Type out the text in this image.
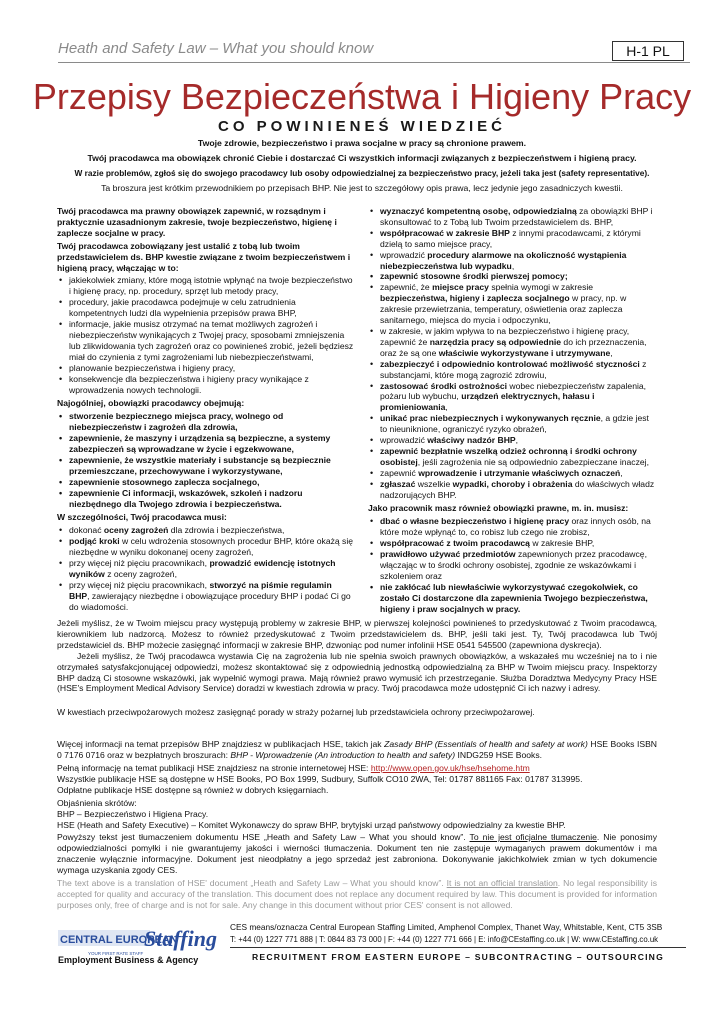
Heath and Safety Law – What you should know	H-1 PL
Przepisy Bezpieczeństwa i Higieny Pracy
CO POWINIENEŚ WIEDZIEĆ
Twoje zdrowie, bezpieczeństwo i prawa socjalne w pracy są chronione prawem.
Twój pracodawca ma obowiązek chronić Ciebie i dostarczać Ci wszystkich informacji związanych z bezpieczeństwem i higieną pracy.
W razie problemów, zgłoś się do swojego pracodawcy lub osoby odpowiedzialnej za bezpieczeństwo pracy, jeżeli taka jest (safety representative).
Ta broszura jest krótkim przewodnikiem po przepisach BHP. Nie jest to szczegółowy opis prawa, lecz jedynie jego zasadniczych kwestii.

Twój pracodawca ma prawny obowiązek zapewnić, w rozsądnym i praktycznie uzasadnionym zakresie, twoje bezpieczeństwo, higienę i zaplecze socjalne w pracy.

Twój pracodawca zobowiązany jest ustalić z tobą lub twoim przedstawicielem ds. BHP kwestie związane z twoim bezpieczeństwem i higieną pracy, włączając w to:

• jakiekolwiek zmiany, które mogą istotnie wpłynąć na twoje bezpieczeństwo i higienę pracy, np. procedury, sprzęt lub metody pracy,
• procedury, jakie pracodawca podejmuje w celu zatrudnienia kompetentnych ludzi dla wypełnienia przepisów prawa BHP,
• informacje, jakie musisz otrzymać na temat możliwych zagrożeń i niebezpieczeństw wynikających z Twojej pracy, sposobami zmniejszenia lub zlikwidowania tych zagrożeń oraz co powinieneś zrobić, jeżeli będziesz miał do czynienia z tymi zagrożeniami lub niebezpieczeństwami,
• planowanie bezpieczeństwa i higieny pracy,
• konsekwencje dla bezpieczeństwa i higieny pracy wynikające z wprowadzenia nowych technologii.

Najogólniej, obowiązki pracodawcy obejmują:

• stworzenie bezpiecznego miejsca pracy, wolnego od niebezpieczeństw i zagrożeń dla zdrowia,
• zapewnienie, że maszyny i urządzenia są bezpieczne, a systemy zabezpieczeń są wprowadzane w życie i egzekwowane,
• zapewnienie, że wszystkie materiały i substancje są bezpiecznie przemieszczane, przechowywane i wykorzystywane,
• zapewnienie stosownego zaplecza socjalnego,
• zapewnienie Ci informacji, wskazówek, szkoleń i nadzoru niezbędnego dla Twojego zdrowia i bezpieczeństwa.

W szczególności, Twój pracodawca musi:

• dokonać oceny zagrożeń dla zdrowia i bezpieczeństwa,
• podjąć kroki w celu wdrożenia stosownych procedur BHP, które okażą się niezbędne w wyniku dokonanej oceny zagrożeń,
• przy więcej niż pięciu pracownikach, prowadzić ewidencję istotnych wyników z oceny zagrożeń,
• przy więcej niż pięciu pracownikach, stworzyć na piśmie regulamin BHP, zawierający niezbędne i obowiązujące procedury BHP i podać Ci go do wiadomości.
• wyznaczyć kompetentną osobę, odpowiedzialną za obowiązki BHP i skonsultować to z Tobą lub Twoim przedstawicielem ds. BHP,
• współpracować w zakresie BHP z innymi pracodawcami, z którymi dzielą to samo miejsce pracy,
• wprowadzić procedury alarmowe na okoliczność wystąpienia niebezpieczeństwa lub wypadku,
• zapewnić stosowne środki pierwszej pomocy;
• zapewnić, że miejsce pracy spełnia wymogi w zakresie bezpieczeństwa, higieny i zaplecza socjalnego w pracy, np. w zakresie przewietrzania, temperatury, oświetlenia oraz zaplecza sanitarnego, miejsca do mycia i odpoczynku,
• w zakresie, w jakim wpływa to na bezpieczeństwo i higienę pracy, zapewnić że narzędzia pracy są odpowiednie do ich przeznaczenia, oraz że są one właściwie wykorzystywane i utrzymywane,
• zabezpieczyć i odpowiednio kontrolować możliwość styczności z substancjami, które mogą zagrozić zdrowiu,
• zastosować środki ostrożności wobec niebezpieczeństw zapalenia, pożaru lub wybuchu, urządzeń elektrycznych, hałasu i promieniowania,
• unikać prac niebezpiecznych i wykonywanych ręcznie, a gdzie jest to nieuniknione, ograniczyć ryzyko obrażeń,
• wprowadzić właściwy nadzór BHP,
• zapewnić bezpłatnie wszelką odzież ochronną i środki ochrony osobistej, jeśli zagrożenia nie są odpowiednio zabezpieczane inaczej,
• zapewnić wprowadzenie i utrzymanie właściwych oznaczeń,
• zgłaszać wszelkie wypadki, choroby i obrażenia do właściwych władz nadzorujących BHP.

Jako pracownik masz również obowiązki prawne, m. in. musisz:

• dbać o własne bezpieczeństwo i higienę pracy oraz innych osób, na które może wpłynąć to, co robisz lub czego nie zrobisz,
• współpracować z twoim pracodawcą w zakresie BHP,
• prawidłowo używać przedmiotów zapewnionych przez pracodawcę, włączając w to środki ochrony osobistej, zgodnie ze wskazówkami i szkoleniem oraz
• nie zakłócać lub niewłaściwie wykorzystywać czegokolwiek, co zostało Ci dostarczone dla zapewnienia Twojego bezpieczeństwa, higieny i praw socjalnych w pracy.

Jeżeli myślisz, że w Twoim miejscu pracy występują problemy w zakresie BHP, w pierwszej kolejności powinieneś to przedyskutować z Twoim pracodawcą, kierownikiem lub nadzorcą. Możesz to również przedyskutować z Twoim przedstawicielem ds. BHP, jeśli taki jest. Ty, Twój pracodawca lub Twój przedstawiciel ds. BHP możecie zasięgnąć informacji w zakresie BHP, dzwoniąc pod numer infolinii HSE 0541 545500 (zapewniona dyskrecja).

Jeżeli myślisz, że Twój pracodawca wystawia Cię na zagrożenia lub nie spełnia swoich prawnych obowiązków, a wskazałeś mu wcześniej na to i nie otrzymałeś satysfakcjonującej odpowiedzi, możesz skontaktować się z odpowiednią jednostką odpowiedzialną za BHP w Twoim miejscu pracy. Inspektorzy BHP dadzą Ci stosowne wskazówki, jak wypełnić wymogi prawa. Mają również prawo wymusić ich przestrzeganie. Służba Doradztwa Medycyny Pracy HSE (HSE's Employment Medical Advisory Service) doradzi w kwestiach zdrowia w pracy. Twój pracodawca może udostępnić Ci ich nazwy i adresy.

W kwestiach przeciwpożarowych możesz zasięgnąć porady w straży pożarnej lub przedstawiciela ochrony przeciwpożarowej.
Więcej informacji na temat przepisów BHP znajdziesz w publikacjach HSE, takich jak Zasady BHP (Essentials of health and safety at work) HSE Books ISBN 0 7176 0716 oraz w bezpłatnych broszurach: BHP - Wprowadzenie (An introduction to health and safety) INDG259 HSE Books.
Pełną informację na temat publikacji HSE znajdziesz na stronie internetowej HSE: http://www.open.gov.uk/hse/hsehome.htm
Wszystkie publikacje HSE są dostępne w HSE Books, PO Box 1999, Sudbury, Suffolk CO10 2WA, Tel: 01787 881165 Fax: 01787 313995.
Odpłatne publikacje HSE dostępne są również w dobrych księgarniach.
Objaśnienia skrótów:
BHP – Bezpieczeństwo i Higiena Pracy.
HSE (Heath and Safety Executive) – Komitet Wykonawczy do spraw BHP, brytyjski urząd państwowy odpowiedzialny za kwestie BHP.
Powyższy tekst jest tłumaczeniem dokumentu HSE „Heath and Safety Law – What you should know”. To nie jest oficjalne tłumaczenie. Nie ponosimy odpowiedzialności pomyłki i nie gwarantujemy jakości i wierności tłumaczenia. Dokument ten nie zastępuje wymaganych prawem dokumentów i ma znaczenie wyłącznie informacyjne. Dokument jest nieodpłatny a jego sprzedaż jest zabroniona. Dokonywanie jakichkolwiek zmian w tych dokumencie wymaga uzyskania zgody CES.
The text above is a translation of HSE' document „Heath and Safety Law – What you should know”. It is not an official translation. No legal responsibility is accepted for quality and accuracy of the translation. This document does not replace any document required by law. This document is provided for information purposes only, free of charge and is not for sale. Any change in this document without prior CES' consent is not allowed.
CENTRAL EUROPEAN
Staffing
YOUR FIRST RATE STAFF
Employment Business & Agency
CES means/oznacza Central European Staffing Limited, Amphenol Complex, Thanet Way, Whitstable, Kent, CT5 3SB
T: +44 (0) 1227 771 888 | T: 0844 83 73 000 | F: +44 (0) 1227 771 666 | E: info@CEstaffing.co.uk | W: www.CEstaffing.co.uk
RECRUITMENT FROM EASTERN EUROPE – SUBCONTRACTING – OUTSOURCING
